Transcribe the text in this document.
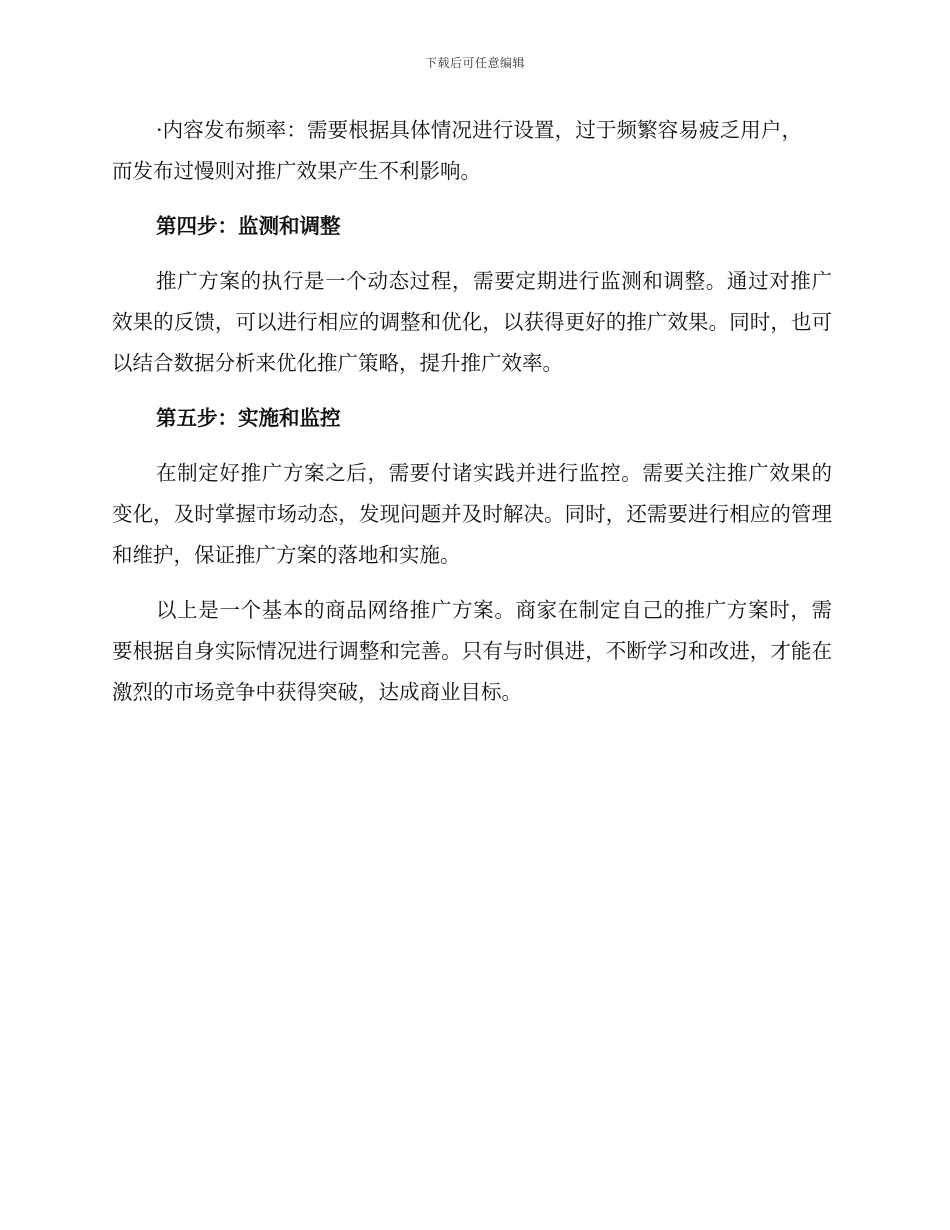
下载后可任意编辑

·内容发布频率：需要根据具体情况进行设置，过于频繁容易疲乏用户，而发布过慢则对推广效果产生不利影响。

第四步：监测和调整

推广方案的执行是一个动态过程，需要定期进行监测和调整。通过对推广效果的反馈，可以进行相应的调整和优化，以获得更好的推广效果。同时，也可以结合数据分析来优化推广策略，提升推广效率。

第五步：实施和监控

在制定好推广方案之后，需要付诸实践并进行监控。需要关注推广效果的变化，及时掌握市场动态，发现问题并及时解决。同时，还需要进行相应的管理和维护，保证推广方案的落地和实施。

以上是一个基本的商品网络推广方案。商家在制定自己的推广方案时，需要根据自身实际情况进行调整和完善。只有与时俱进，不断学习和改进，才能在激烈的市场竞争中获得突破，达成商业目标。
